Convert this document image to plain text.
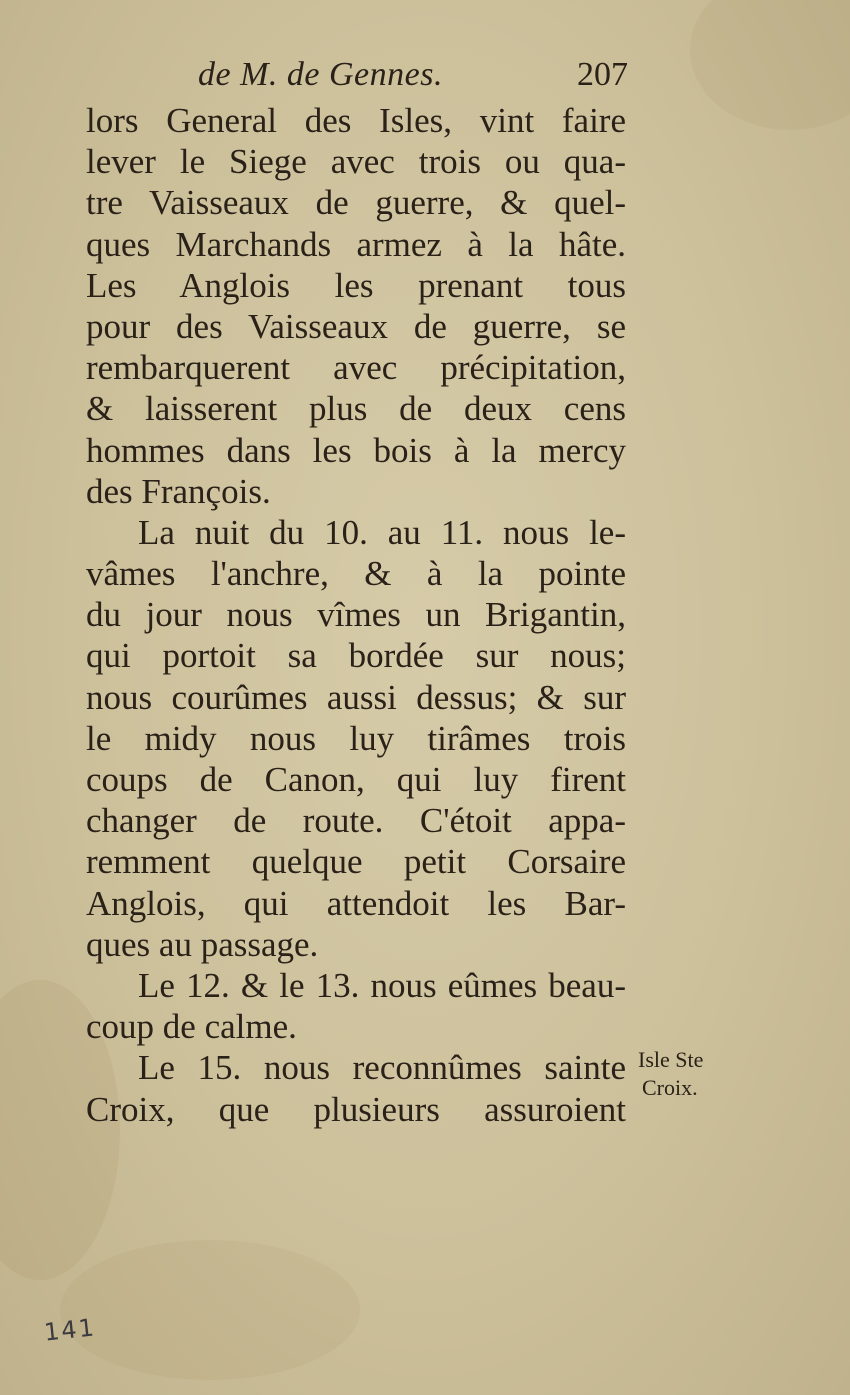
de M. de Gennes.	207
lors General des Isles, vint faire
lever le Siege avec trois ou qua-
tre Vaisseaux de guerre, & quel-
ques Marchands armez à la hâte.
Les Anglois les prenant tous
pour des Vaisseaux de guerre, se
rembarquerent avec précipitation,
& laisserent plus de deux cens
hommes dans les bois à la mercy
des François.
La nuit du 10. au 11. nous le-
vâmes l'anchre, & à la pointe
du jour nous vîmes un Brigantin,
qui portoit sa bordée sur nous;
nous courûmes aussi dessus; & sur
le midy nous luy tirâmes trois
coups de Canon, qui luy firent
changer de route. C'étoit appa-
remment quelque petit Corsaire
Anglois, qui attendoit les Bar-
ques au passage.
Le 12. & le 13. nous eûmes beau-
coup de calme.
Le 15. nous reconnûmes sainte
Croix, que plusieurs assuroient
Isle Ste
Croix.
141
